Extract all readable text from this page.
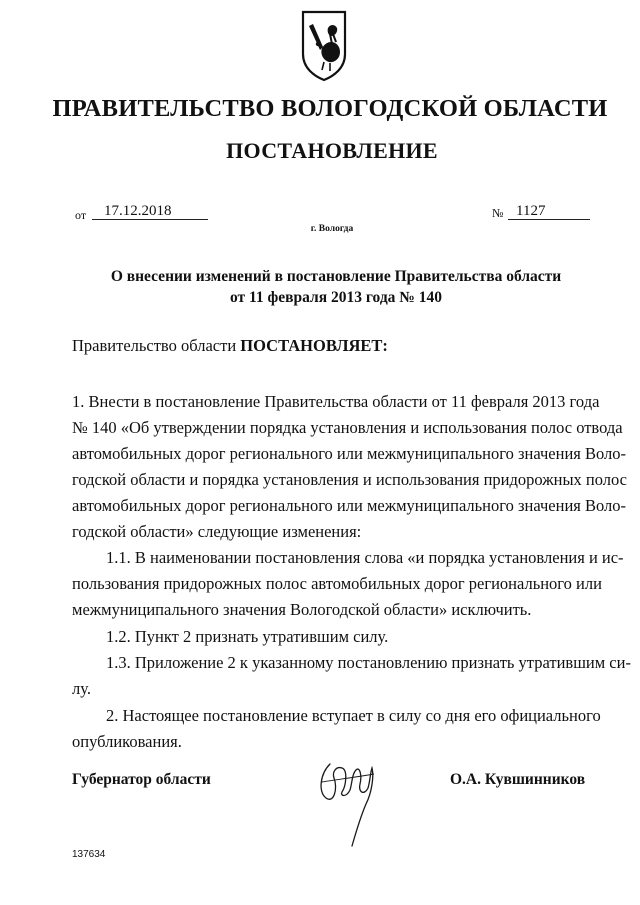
ПРАВИТЕЛЬСТВО ВОЛОГОДСКОЙ ОБЛАСТИ
ПОСТАНОВЛЕНИЕ
от 17.12.2018	№ 1127
г. Вологда
О внесении изменений в постановление Правительства области
от 11 февраля 2013 года № 140
Правительство области ПОСТАНОВЛЯЕТ:
1. Внести в постановление Правительства области от 11 февраля 2013 года
№ 140 «Об утверждении порядка установления и использования полос отвода
автомобильных дорог регионального или межмуниципального значения Воло-
годской области и порядка установления и использования придорожных полос
автомобильных дорог регионального или межмуниципального значения Воло-
годской области» следующие изменения:
1.1. В наименовании постановления слова «и порядка установления и ис-
пользования придорожных полос автомобильных дорог регионального или
межмуниципального значения Вологодской области» исключить.
1.2. Пункт 2 признать утратившим силу.
1.3. Приложение 2 к указанному постановлению признать утратившим си-
лу.
2. Настоящее постановление вступает в силу со дня его официального
опубликования.
Губернатор области	О.А. Кувшинников
137634
